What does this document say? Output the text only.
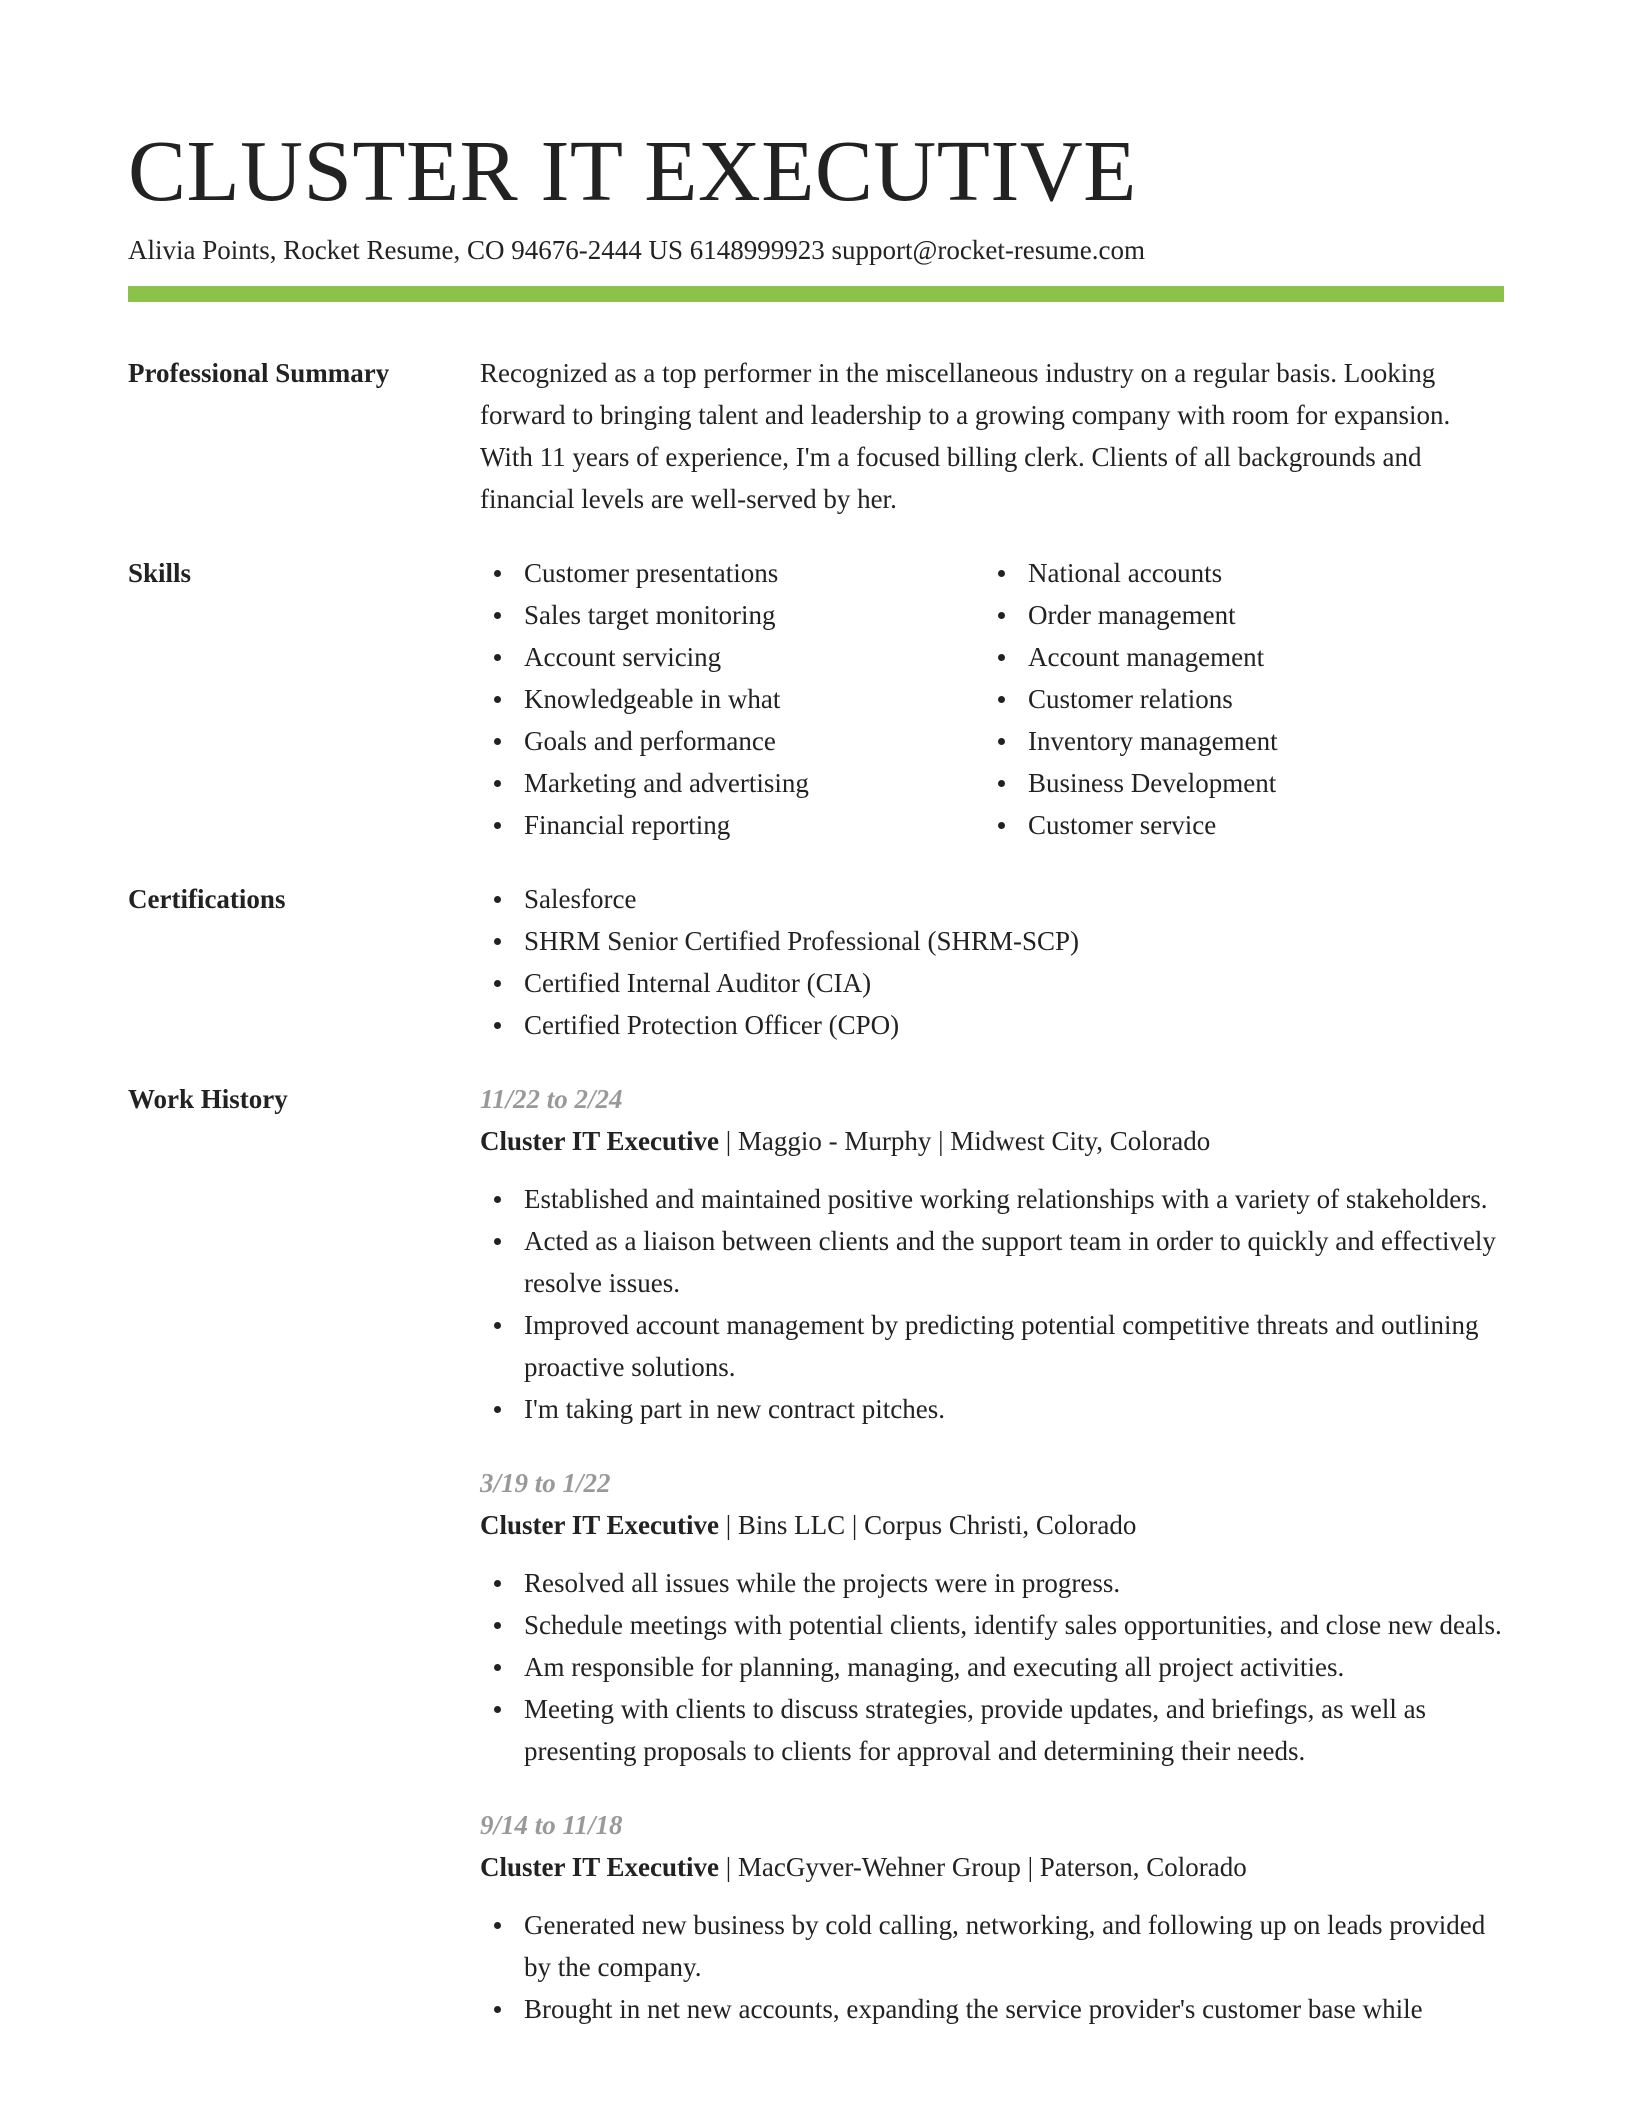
CLUSTER IT EXECUTIVE
Alivia Points, Rocket Resume, CO 94676-2444 US 6148999923 support@rocket-resume.com
Professional Summary	Recognized as a top performer in the miscellaneous industry on a regular basis. Looking forward to bringing talent and leadership to a growing company with room for expansion. With 11 years of experience, I'm a focused billing clerk. Clients of all backgrounds and financial levels are well-served by her.
Skills	Customer presentations
Sales target monitoring
Account servicing
Knowledgeable in what
Goals and performance
Marketing and advertising
Financial reporting
National accounts
Order management
Account management
Customer relations
Inventory management
Business Development
Customer service
Certifications	Salesforce
SHRM Senior Certified Professional (SHRM-SCP)
Certified Internal Auditor (CIA)
Certified Protection Officer (CPO)
Work History	11/22 to 2/24
Cluster IT Executive | Maggio - Murphy | Midwest City, Colorado
Established and maintained positive working relationships with a variety of stakeholders.
Acted as a liaison between clients and the support team in order to quickly and effectively resolve issues.
Improved account management by predicting potential competitive threats and outlining proactive solutions.
I'm taking part in new contract pitches.
3/19 to 1/22
Cluster IT Executive | Bins LLC | Corpus Christi, Colorado
Resolved all issues while the projects were in progress.
Schedule meetings with potential clients, identify sales opportunities, and close new deals.
Am responsible for planning, managing, and executing all project activities.
Meeting with clients to discuss strategies, provide updates, and briefings, as well as presenting proposals to clients for approval and determining their needs.
9/14 to 11/18
Cluster IT Executive | MacGyver-Wehner Group | Paterson, Colorado
Generated new business by cold calling, networking, and following up on leads provided by the company.
Brought in net new accounts, expanding the service provider's customer base while
